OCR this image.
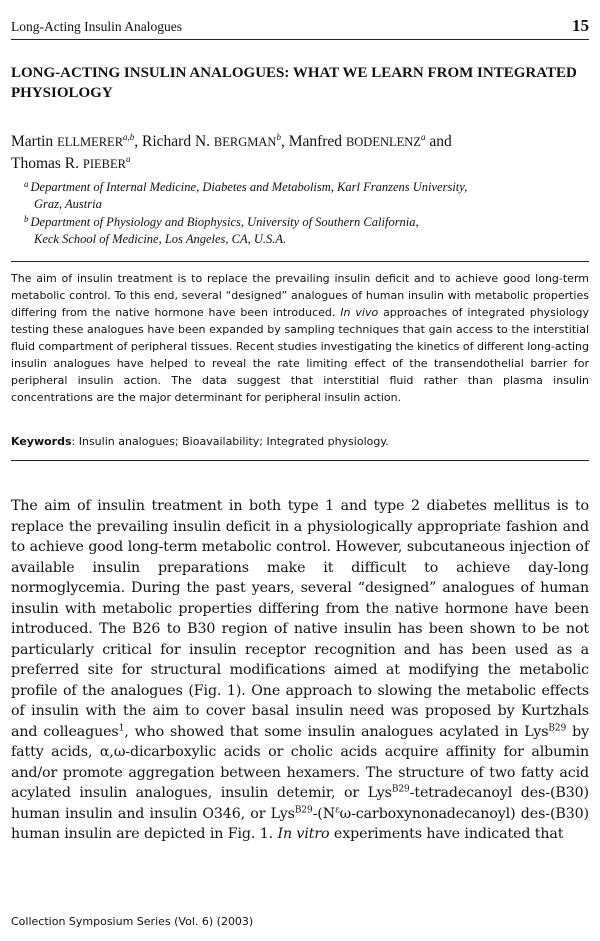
Long-Acting Insulin Analogues	15
LONG-ACTING INSULIN ANALOGUES: WHAT WE LEARN FROM INTEGRATED PHYSIOLOGY

Martin ELLMERER$^{a,b}$, Richard N. BERGMAN$^b$, Manfred BODENLENZ$^a$ and
Thomas R. PIEBER$^a$

$^a$ Department of Internal Medicine, Diabetes and Metabolism, Karl Franzens University,
Graz, Austria

$^b$ Department of Physiology and Biophysics, University of Southern California,
Keck School of Medicine, Los Angeles, CA, U.S.A.

The aim of insulin treatment is to replace the prevailing insulin deficit and to achieve good long-term metabolic control. To this end, several “designed” analogues of human insulin with metabolic properties differing from the native hormone have been introduced. In vivo approaches of integrated physiology testing these analogues have been expanded by sampling techniques that gain access to the interstitial fluid compartment of peripheral tissues. Recent studies investigating the kinetics of different long-acting insulin analogues have helped to reveal the rate limiting effect of the transendothelial barrier for peripheral insulin action. The data suggest that interstitial fluid rather than plasma insulin concentrations are the major determinant for peripheral insulin action.

Keywords: Insulin analogues; Bioavailability; Integrated physiology.

The aim of insulin treatment in both type 1 and type 2 diabetes mellitus is to replace the prevailing insulin deficit in a physiologically appropriate fashion and to achieve good long-term metabolic control. However, subcutaneous injection of available insulin preparations make it difficult to achieve day-long normoglycemia. During the past years, several “designed” analogues of human insulin with metabolic properties differing from the native hormone have been introduced. The B26 to B30 region of native insulin has been shown to be not particularly critical for insulin receptor recognition and has been used as a preferred site for structural modifications aimed at modifying the metabolic profile of the analogues (Fig. 1). One approach to slowing the metabolic effects of insulin with the aim to cover basal insulin need was proposed by Kurtzhals and colleagues$^1$, who showed that some insulin analogues acylated in Lys$^{B29}$ by fatty acids, α,ω-dicarboxylic acids or cholic acids acquire affinity for albumin and/or promote aggregation between hexamers. The structure of two fatty acid acylated insulin analogues, insulin detemir, or Lys$^{B29}$-tetradecanoyl des-(B30) human insulin and insulin O346, or $Lys^{B29}-(N^\varepsilon\omega-carboxynonadecanoyl)$ des-(B30) human insulin are depicted in Fig. 1. In vitro experiments have indicated that

Collection Symposium Series (Vol. 6) (2003)
